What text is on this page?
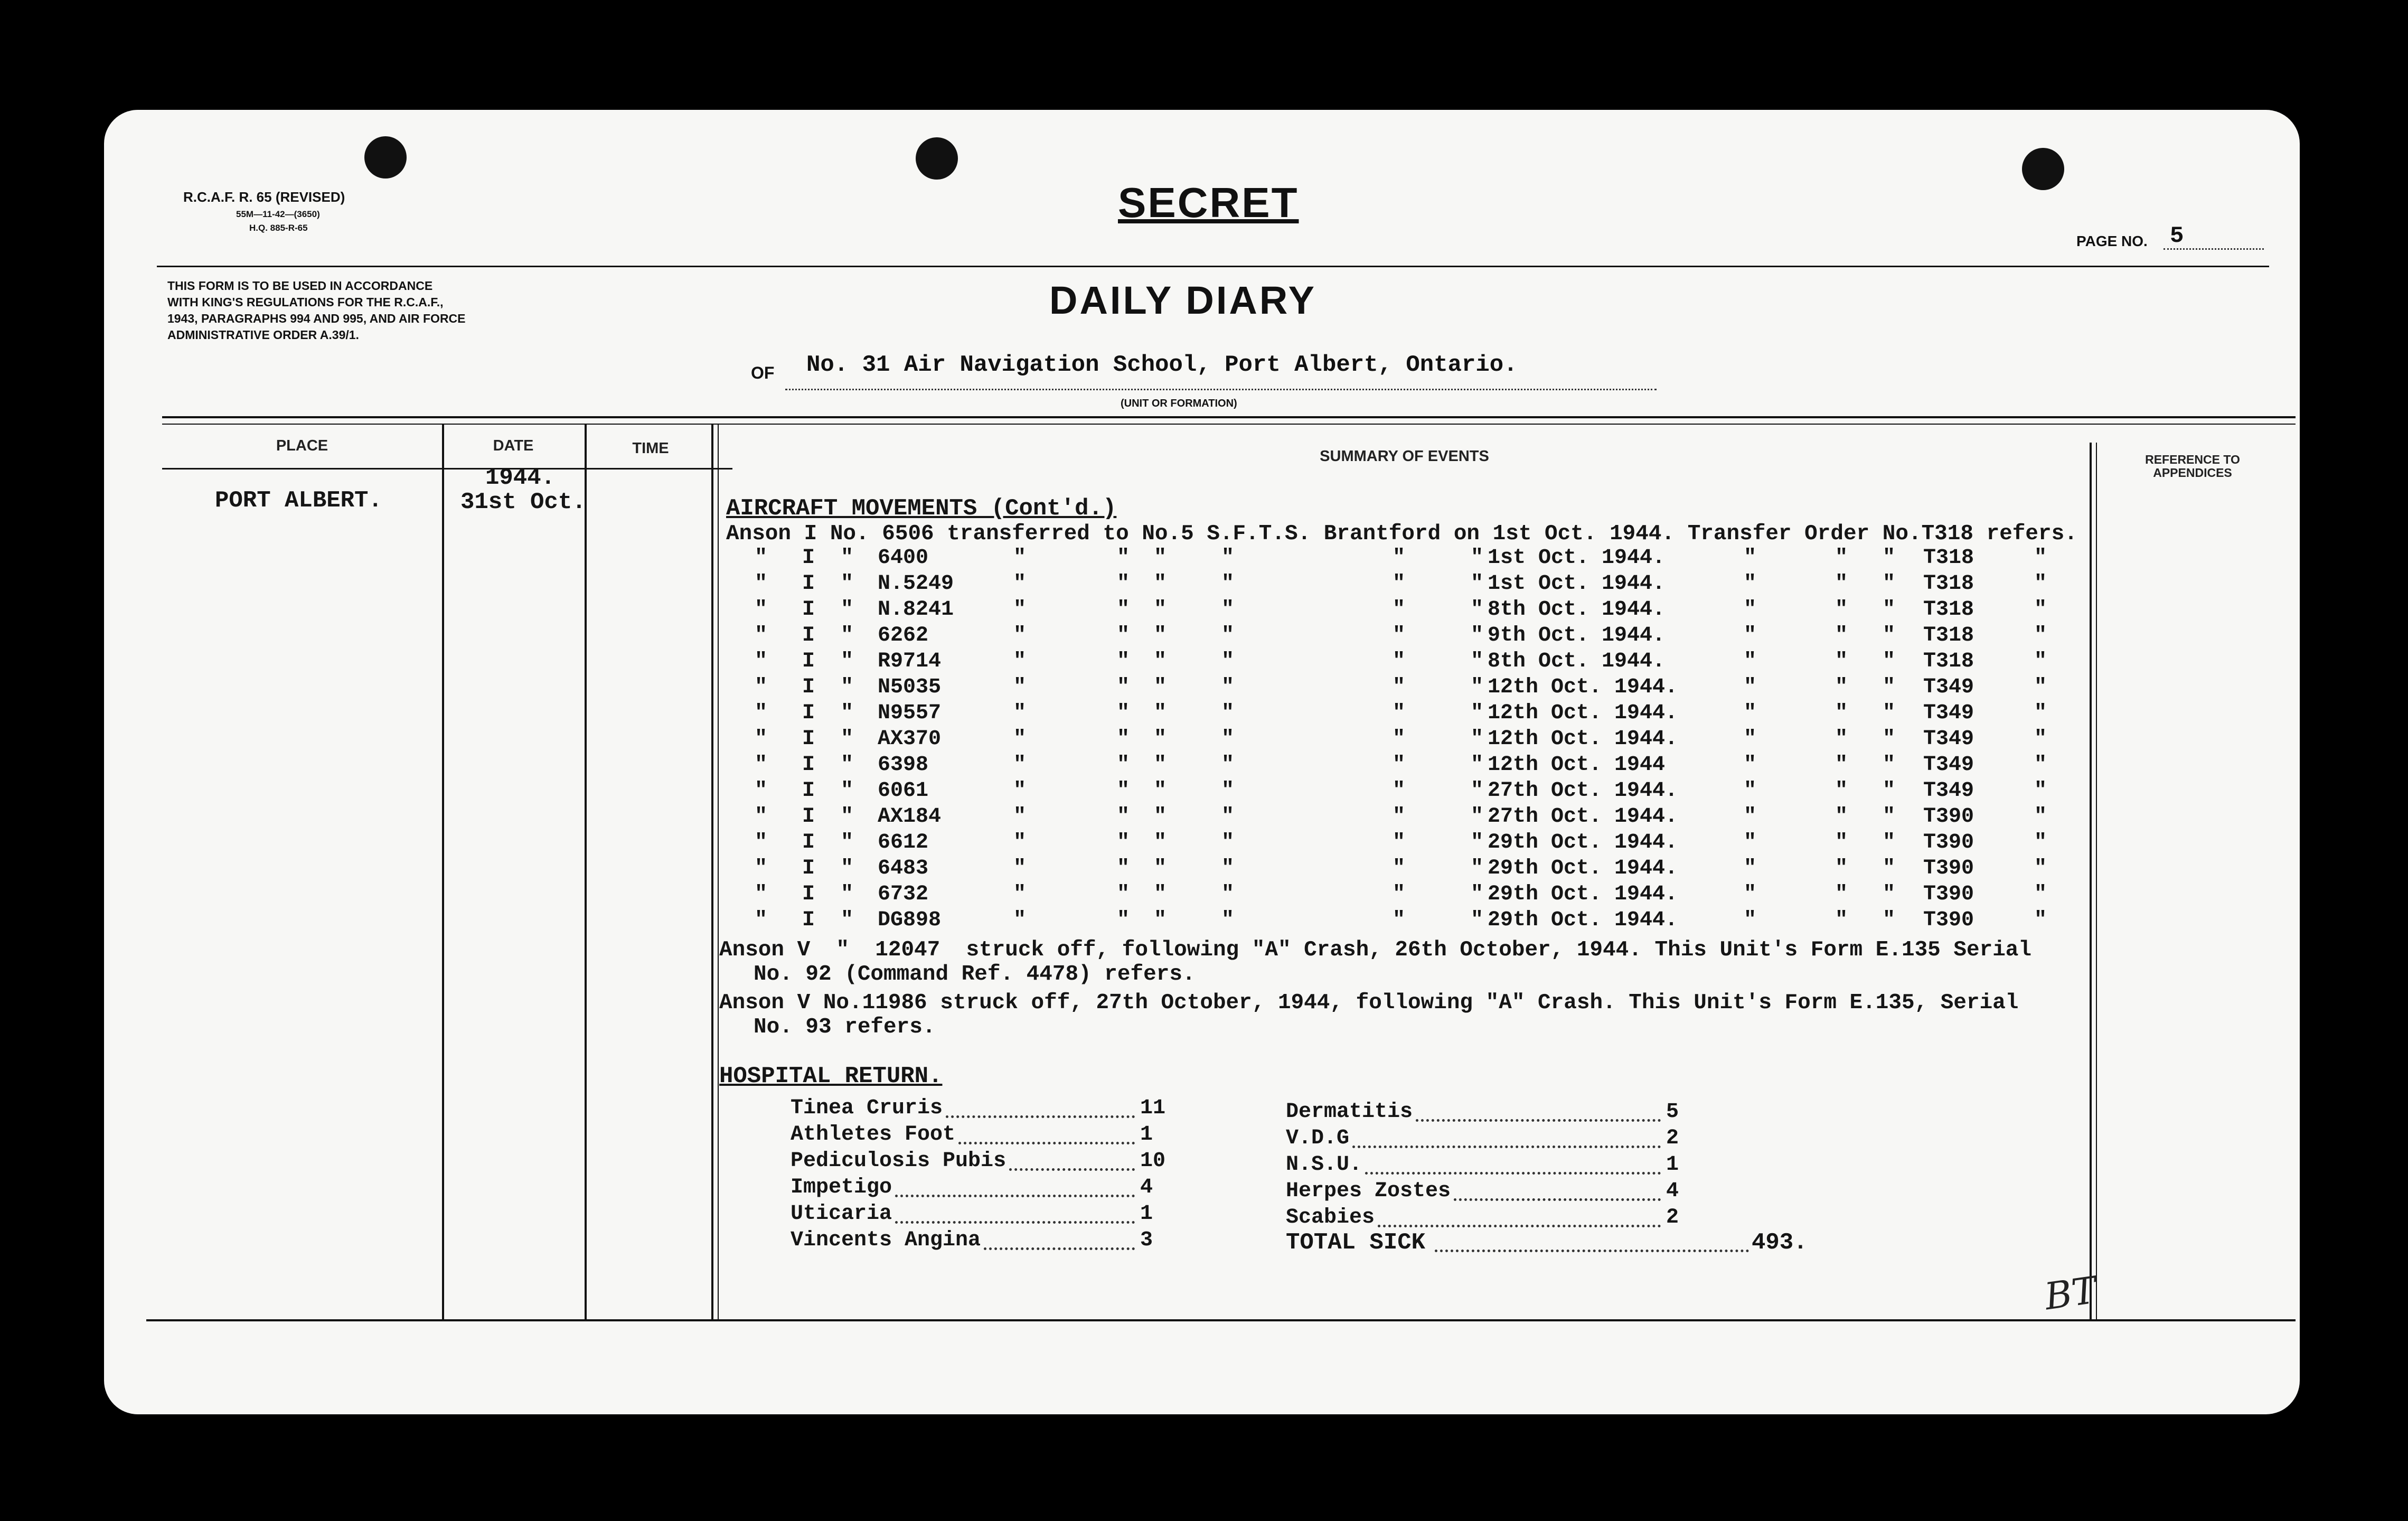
R.C.A.F. R. 65 (REVISED)
55M—11-42—(3650)
H.Q. 885-R-65
SECRET
PAGE NO. 5
THIS FORM IS TO BE USED IN ACCORDANCE
WITH KING'S REGULATIONS FOR THE R.C.A.F.,
1943, PARAGRAPHS 994 AND 995, AND AIR FORCE
ADMINISTRATIVE ORDER A.39/1.
DAILY DIARY
OF No. 31 Air Navigation School, Port Albert, Ontario.
(UNIT OR FORMATION)
PLACE	DATE	TIME	SUMMARY OF EVENTS	REFERENCE TO
APPENDICES
PORT ALBERT.
1944.
31st Oct.	AIRCRAFT MOVEMENTS (Cont'd.)
Anson I No. 6506 transferred to No.5 S.F.T.S. Brantford on 1st Oct. 1944. Transfer Order No.T318 refers.
" I " 6400	"	" "	"	"	" 1st Oct. 1944.	"	" " T318	"
" I " N.5249	"	" "	"	"	" 1st Oct. 1944.	"	" " T318	"
" I " N.8241	"	" "	"	"	" 8th Oct. 1944.	"	" " T318	"
" I " 6262	"	" "	"	"	" 9th Oct. 1944.	"	" " T318	"
" I " R9714	"	" "	"	"	" 8th Oct. 1944.	"	" " T318	"
" I " N5035	"	" "	"	"	" 12th Oct. 1944.	"	" " T349	"
" I " N9557	"	" "	"	"	" 12th Oct. 1944.	"	" " T349	"
" I " AX370	"	" "	"	"	" 12th Oct. 1944.	"	" " T349	"
" I " 6398	"	" "	"	"	" 12th Oct. 1944	"	" " T349	"
" I " 6061	"	" "	"	"	" 27th Oct. 1944.	"	" " T349	"
" I " AX184	"	" "	"	"	" 27th Oct. 1944.	"	" " T390	"
" I " 6612	"	" "	"	"	" 29th Oct. 1944.	"	" " T390	"
" I " 6483	"	" "	"	"	" 29th Oct. 1944.	"	" " T390	"
" I " 6732	"	" "	"	"	" 29th Oct. 1944.	"	" " T390	"
" I " DG898	"	" "	"	"	" 29th Oct. 1944.	"	" " T390	"
Anson V  "  12047  struck off, following "A" Crash, 26th October, 1944. This Unit's Form E.135 Serial
No. 92 (Command Ref. 4478) refers.
Anson V No.11986 struck off, 27th October, 1944, following "A" Crash. This Unit's Form E.135, Serial
No. 93 refers.
HOSPITAL RETURN.
Tinea Cruris	11
Athletes Foot	1
Pediculosis Pubis	10
Impetigo	4
Uticaria	1
Vincents Angina	3
Dermatitis	5
V.D.G	2
N.S.U.	1
Herpes Zostes	4
Scabies	2
TOTAL SICK	493.
BT
